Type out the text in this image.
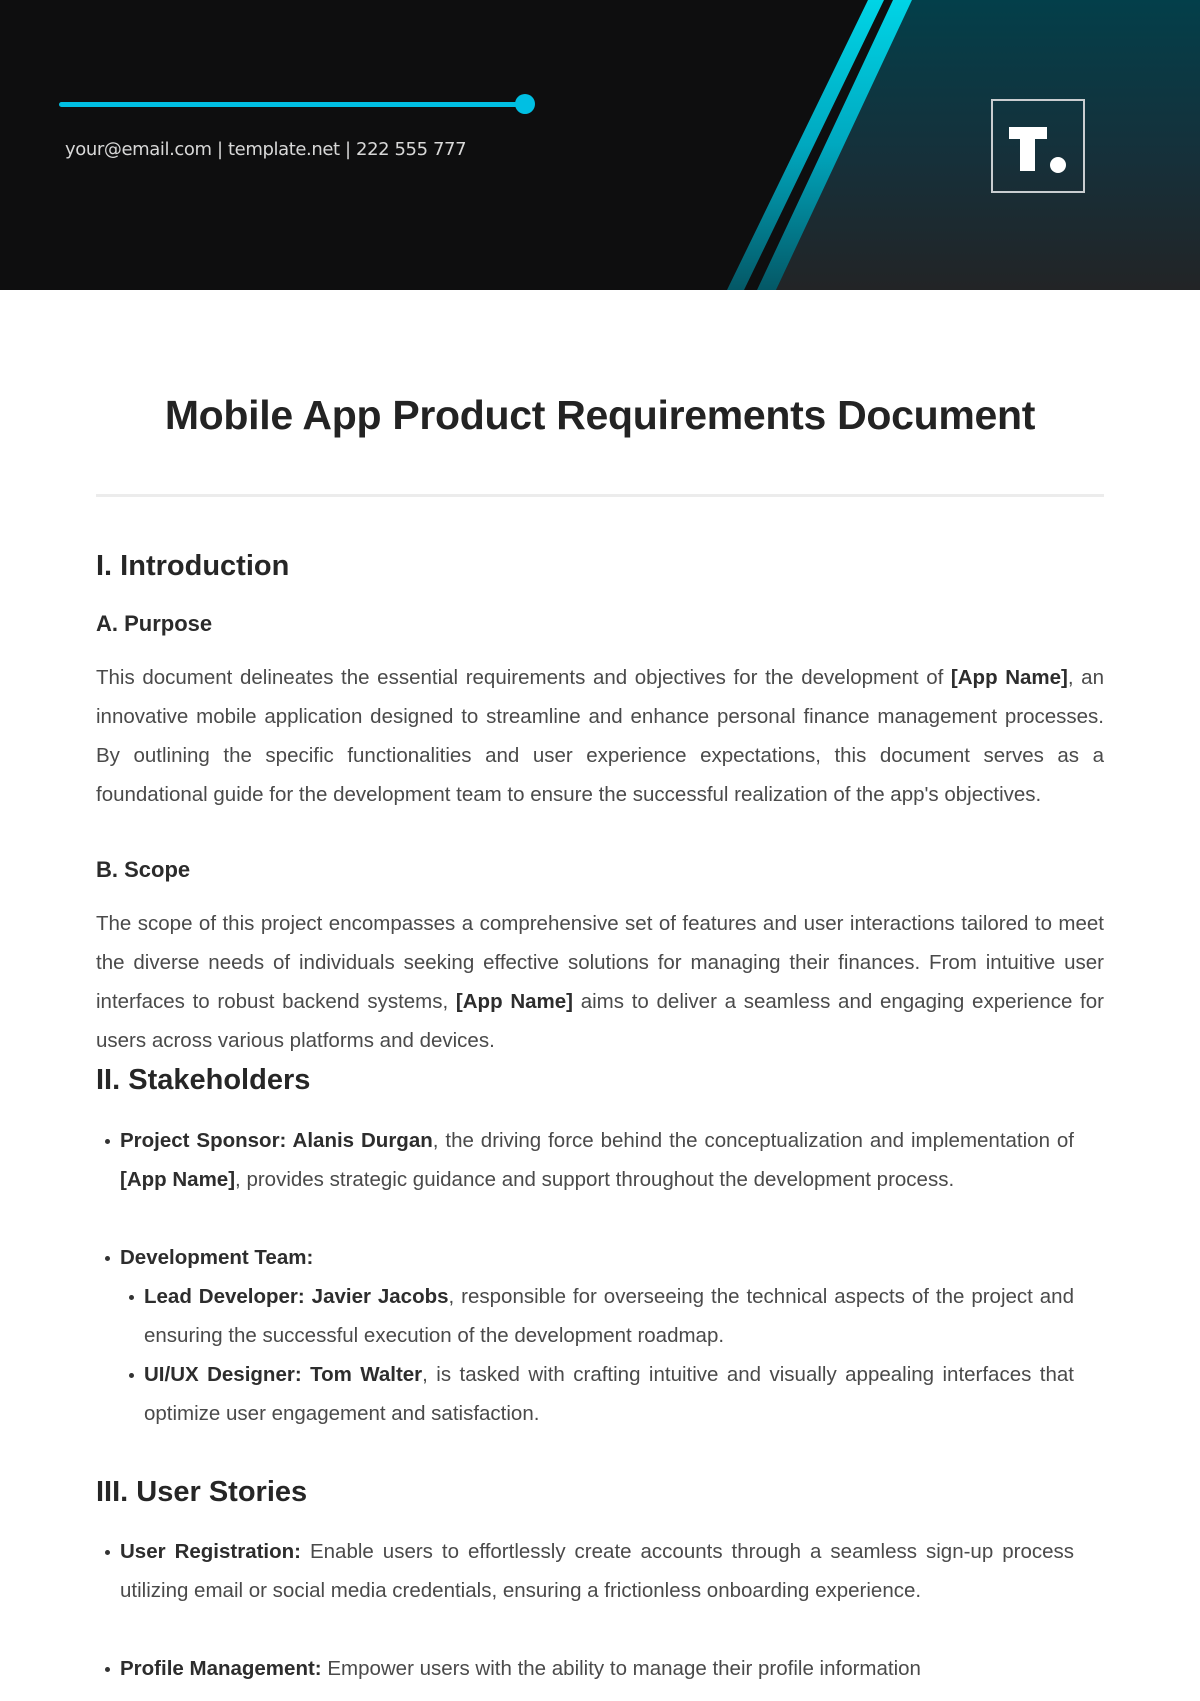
your@email.com | template.net | 222 555 777
Mobile App Product Requirements Document
I. Introduction
A. Purpose

This document delineates the essential requirements and objectives for the development of [App Name], an innovative mobile application designed to streamline and enhance personal finance management processes. By outlining the specific functionalities and user experience expectations, this document serves as a foundational guide for the development team to ensure the successful realization of the app's objectives.

B. Scope

The scope of this project encompasses a comprehensive set of features and user interactions tailored to meet the diverse needs of individuals seeking effective solutions for managing their finances. From intuitive user interfaces to robust backend systems, [App Name] aims to deliver a seamless and engaging experience for users across various platforms and devices.

II. Stakeholders
Project Sponsor: Alanis Durgan, the driving force behind the conceptualization and implementation of [App Name], provides strategic guidance and support throughout the development process.
Development Team:
Lead Developer: Javier Jacobs, responsible for overseeing the technical aspects of the project and ensuring the successful execution of the development roadmap.
UI/UX Designer: Tom Walter, is tasked with crafting intuitive and visually appealing interfaces that optimize user engagement and satisfaction.
III. User Stories
User Registration: Enable users to effortlessly create accounts through a seamless sign-up process utilizing email or social media credentials, ensuring a frictionless onboarding experience.
Profile Management: Empower users with the ability to manage their profile information
